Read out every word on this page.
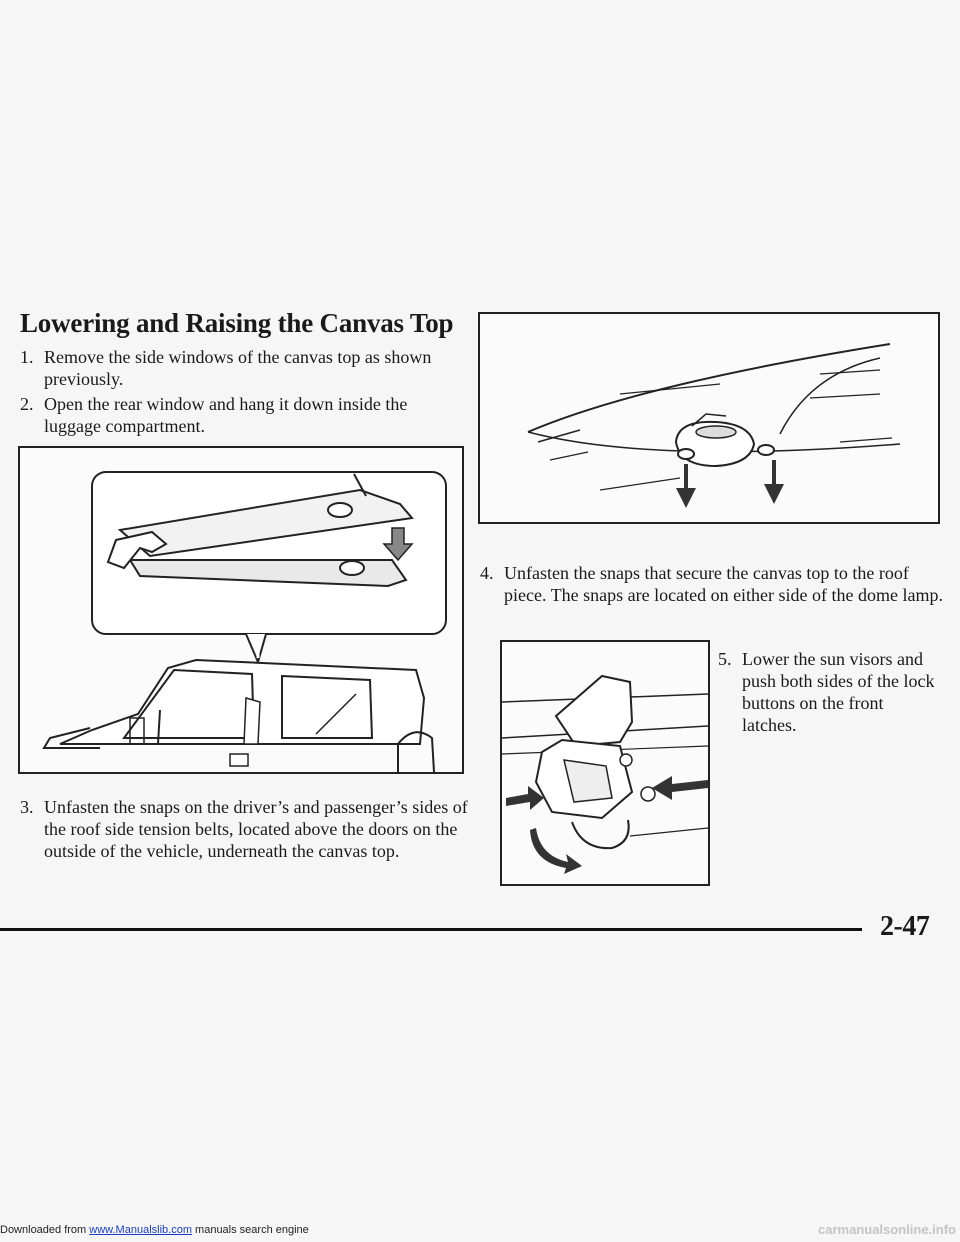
Lowering and Raising the Canvas Top
1. Remove the side windows of the canvas top as shown previously.
2. Open the rear window and hang it down inside the luggage compartment.
3. Unfasten the snaps on the driver’s and passenger’s sides of the roof side tension belts, located above the doors on the outside of the vehicle, underneath the canvas top.
4. Unfasten the snaps that secure the canvas top to the roof piece. The snaps are located on either side of the dome lamp.
5. Lower the sun visors and push both sides of the lock buttons on the front latches.
2-47
Downloaded from www.Manualslib.com manuals search engine	carmanualsonline.info
